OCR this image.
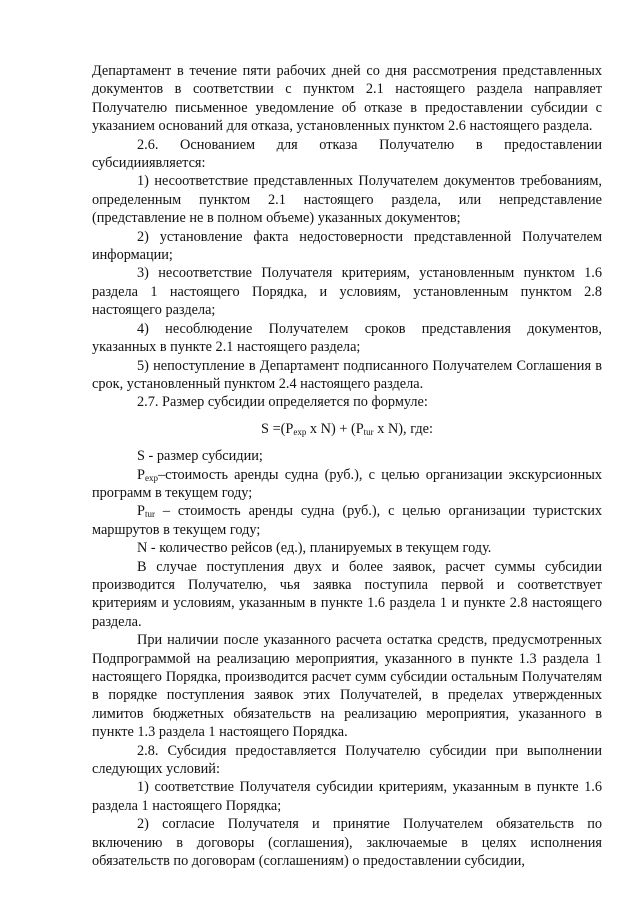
Департамент в течение пяти рабочих дней со дня рассмотрения представленных документов в соответствии с пунктом 2.1 настоящего раздела направляет Получателю письменное уведомление об отказе в предоставлении субсидии с указанием оснований для отказа, установленных пунктом 2.6 настоящего раздела.

2.6. Основанием для отказа Получателю в предоставлении субсидииявляется:

1) несоответствие представленных Получателем документов требованиям, определенным пунктом 2.1 настоящего раздела, или непредставление (представление не в полном объеме) указанных документов;

2) установление факта недостоверности представленной Получателем информации;

3) несоответствие Получателя критериям, установленным пунктом 1.6 раздела 1 настоящего Порядка, и условиям, установленным пунктом 2.8 настоящего раздела;

4) несоблюдение Получателем сроков представления документов, указанных в пункте 2.1 настоящего раздела;

5) непоступление в Департамент подписанного Получателем Соглашения в срок, установленный пунктом 2.4 настоящего раздела.

2.7. Размер субсидии определяется по формуле:

$S =(P_{exp}$ x $N) + (P_{tur}$ x N), где:

S - размер субсидии;

$P_{exp}$–стоимость аренды судна (руб.), с целью организации экскурсионных программ в текущем году;

$P_{tur}$ – стоимость аренды судна (руб.), с целью организации туристских маршрутов в текущем году;

N - количество рейсов (ед.), планируемых в текущем году.

В случае поступления двух и более заявок, расчет суммы субсидии производится Получателю, чья заявка поступила первой и соответствует критериям и условиям, указанным в пункте 1.6 раздела 1 и пункте 2.8 настоящего раздела.

При наличии после указанного расчета остатка средств, предусмотренных Подпрограммой на реализацию мероприятия, указанного в пункте 1.3 раздела 1 настоящего Порядка, производится расчет сумм субсидии остальным Получателям в порядке поступления заявок этих Получателей, в пределах утвержденных лимитов бюджетных обязательств на реализацию мероприятия, указанного в пункте 1.3 раздела 1 настоящего Порядка.

2.8. Субсидия предоставляется Получателю субсидии при выполнении следующих условий:

1) соответствие Получателя субсидии критериям, указанным в пункте 1.6 раздела 1 настоящего Порядка;

2) согласие Получателя и принятие Получателем обязательств по включению в договоры (соглашения), заключаемые в целях исполнения обязательств по договорам (соглашениям) о предоставлении субсидии,
